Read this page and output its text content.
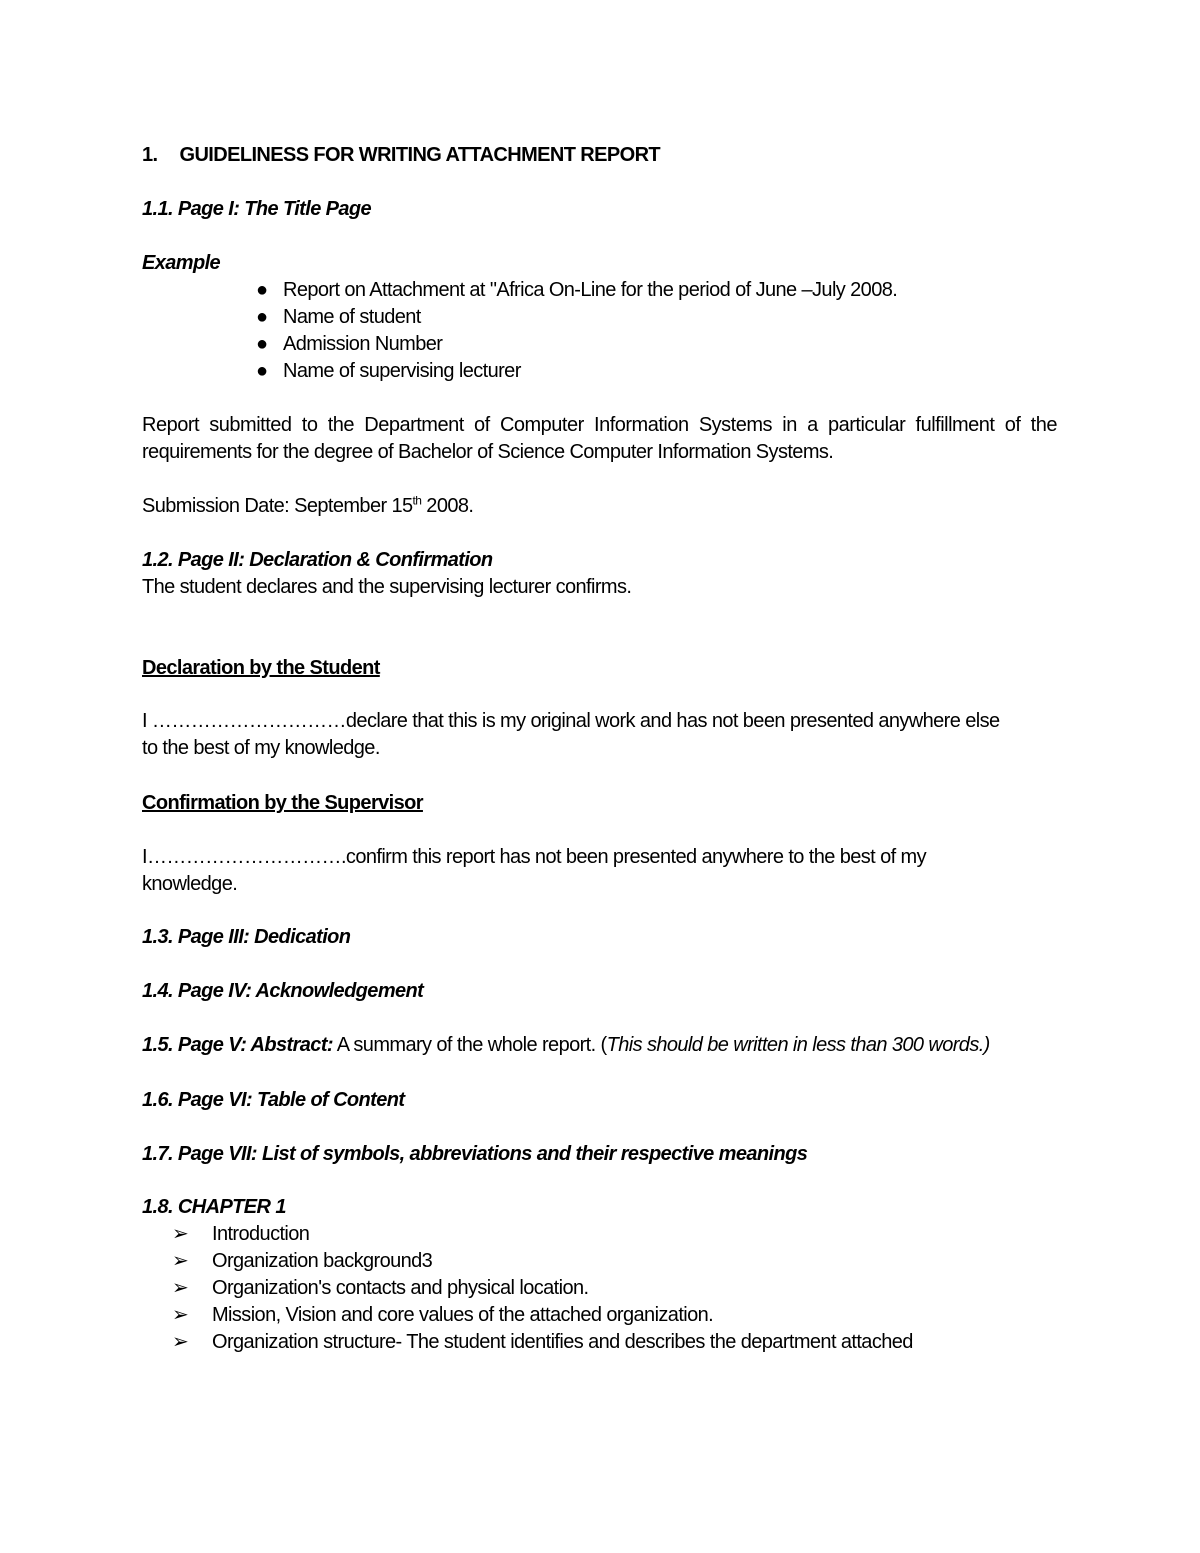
1. GUIDELINESS FOR WRITING ATTACHMENT REPORT
1.1. Page I: The Title Page
Example
● Report on Attachment at "Africa On-Line for the period of June –July 2008.
● Name of student
● Admission Number
● Name of supervising lecturer
Report submitted to the Department of Computer Information Systems in a particular fulfillment of the
requirements for the degree of Bachelor of Science Computer Information Systems.
Submission Date: September 15th 2008.
1.2. Page II: Declaration & Confirmation
The student declares and the supervising lecturer confirms.
Declaration by the Student
I …………………………declare that this is my original work and has not been presented anywhere else
to the best of my knowledge.
Confirmation by the Supervisor
I………………………….confirm this report has not been presented anywhere to the best of my
knowledge.
1.3. Page III: Dedication
1.4. Page IV: Acknowledgement
1.5. Page V: Abstract: A summary of the whole report. (This should be written in less than 300 words.)
1.6. Page VI: Table of Content
1.7. Page VII: List of symbols, abbreviations and their respective meanings
1.8. CHAPTER 1
➢ Introduction
➢ Organization background3
➢ Organization's contacts and physical location.
➢ Mission, Vision and core values of the attached organization.
➢ Organization structure- The student identifies and describes the department attached
